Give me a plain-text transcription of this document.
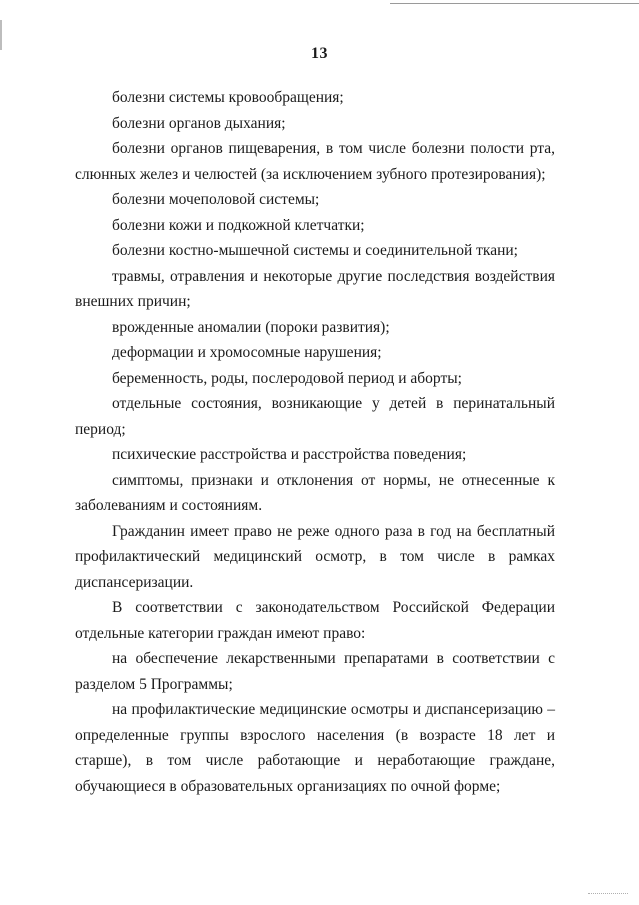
13

болезни системы кровообращения;

болезни органов дыхания;

болезни органов пищеварения, в том числе болезни полости рта, слюнных желез и челюстей (за исключением зубного протезирования);

болезни мочеполовой системы;

болезни кожи и подкожной клетчатки;

болезни костно-мышечной системы и соединительной ткани;

травмы, отравления и некоторые другие последствия воздействия внешних причин;

врожденные аномалии (пороки развития);

деформации и хромосомные нарушения;

беременность, роды, послеродовой период и аборты;

отдельные состояния, возникающие у детей в перинатальный период;

психические расстройства и расстройства поведения;

симптомы, признаки и отклонения от нормы, не отнесенные к заболеваниям и состояниям.

Гражданин имеет право не реже одного раза в год на бесплатный профилактический медицинский осмотр, в том числе в рамках диспансеризации.

В соответствии с законодательством Российской Федерации отдельные категории граждан имеют право:

на обеспечение лекарственными препаратами в соответствии с разделом 5 Программы;

на профилактические медицинские осмотры и диспансеризацию – определенные группы взрослого населения (в возрасте 18 лет и старше), в том числе работающие и неработающие граждане, обучающиеся в образовательных организациях по очной форме;
